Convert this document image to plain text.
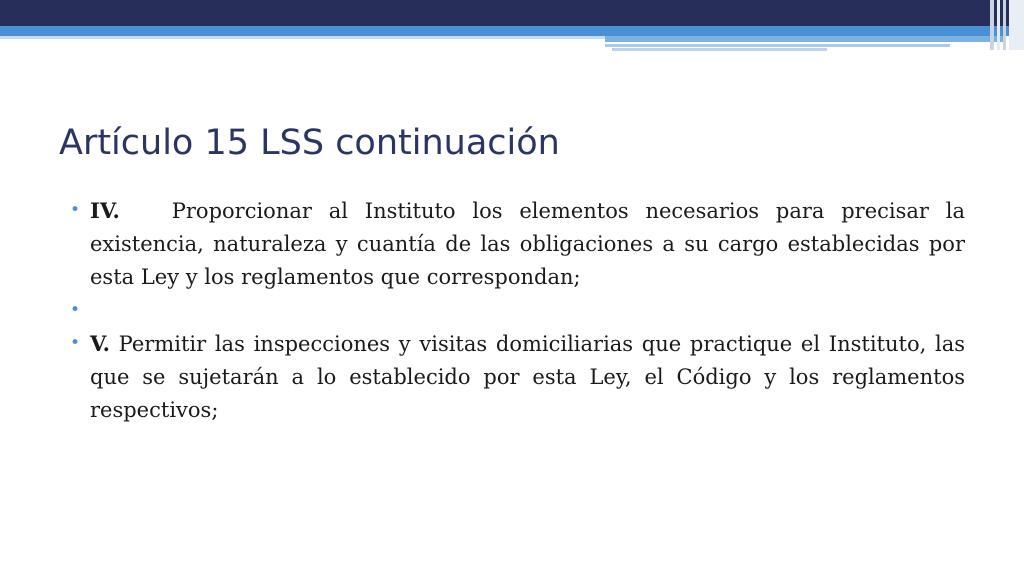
Artículo 15 LSS continuación
• IV. Proporcionar al Instituto los elementos necesarios para precisar la existencia, naturaleza y cuantía de las obligaciones a su cargo establecidas por esta Ley y los reglamentos que correspondan;
•
• V. Permitir las inspecciones y visitas domiciliarias que practique el Instituto, las que se sujetarán a lo establecido por esta Ley, el Código y los reglamentos respectivos;
